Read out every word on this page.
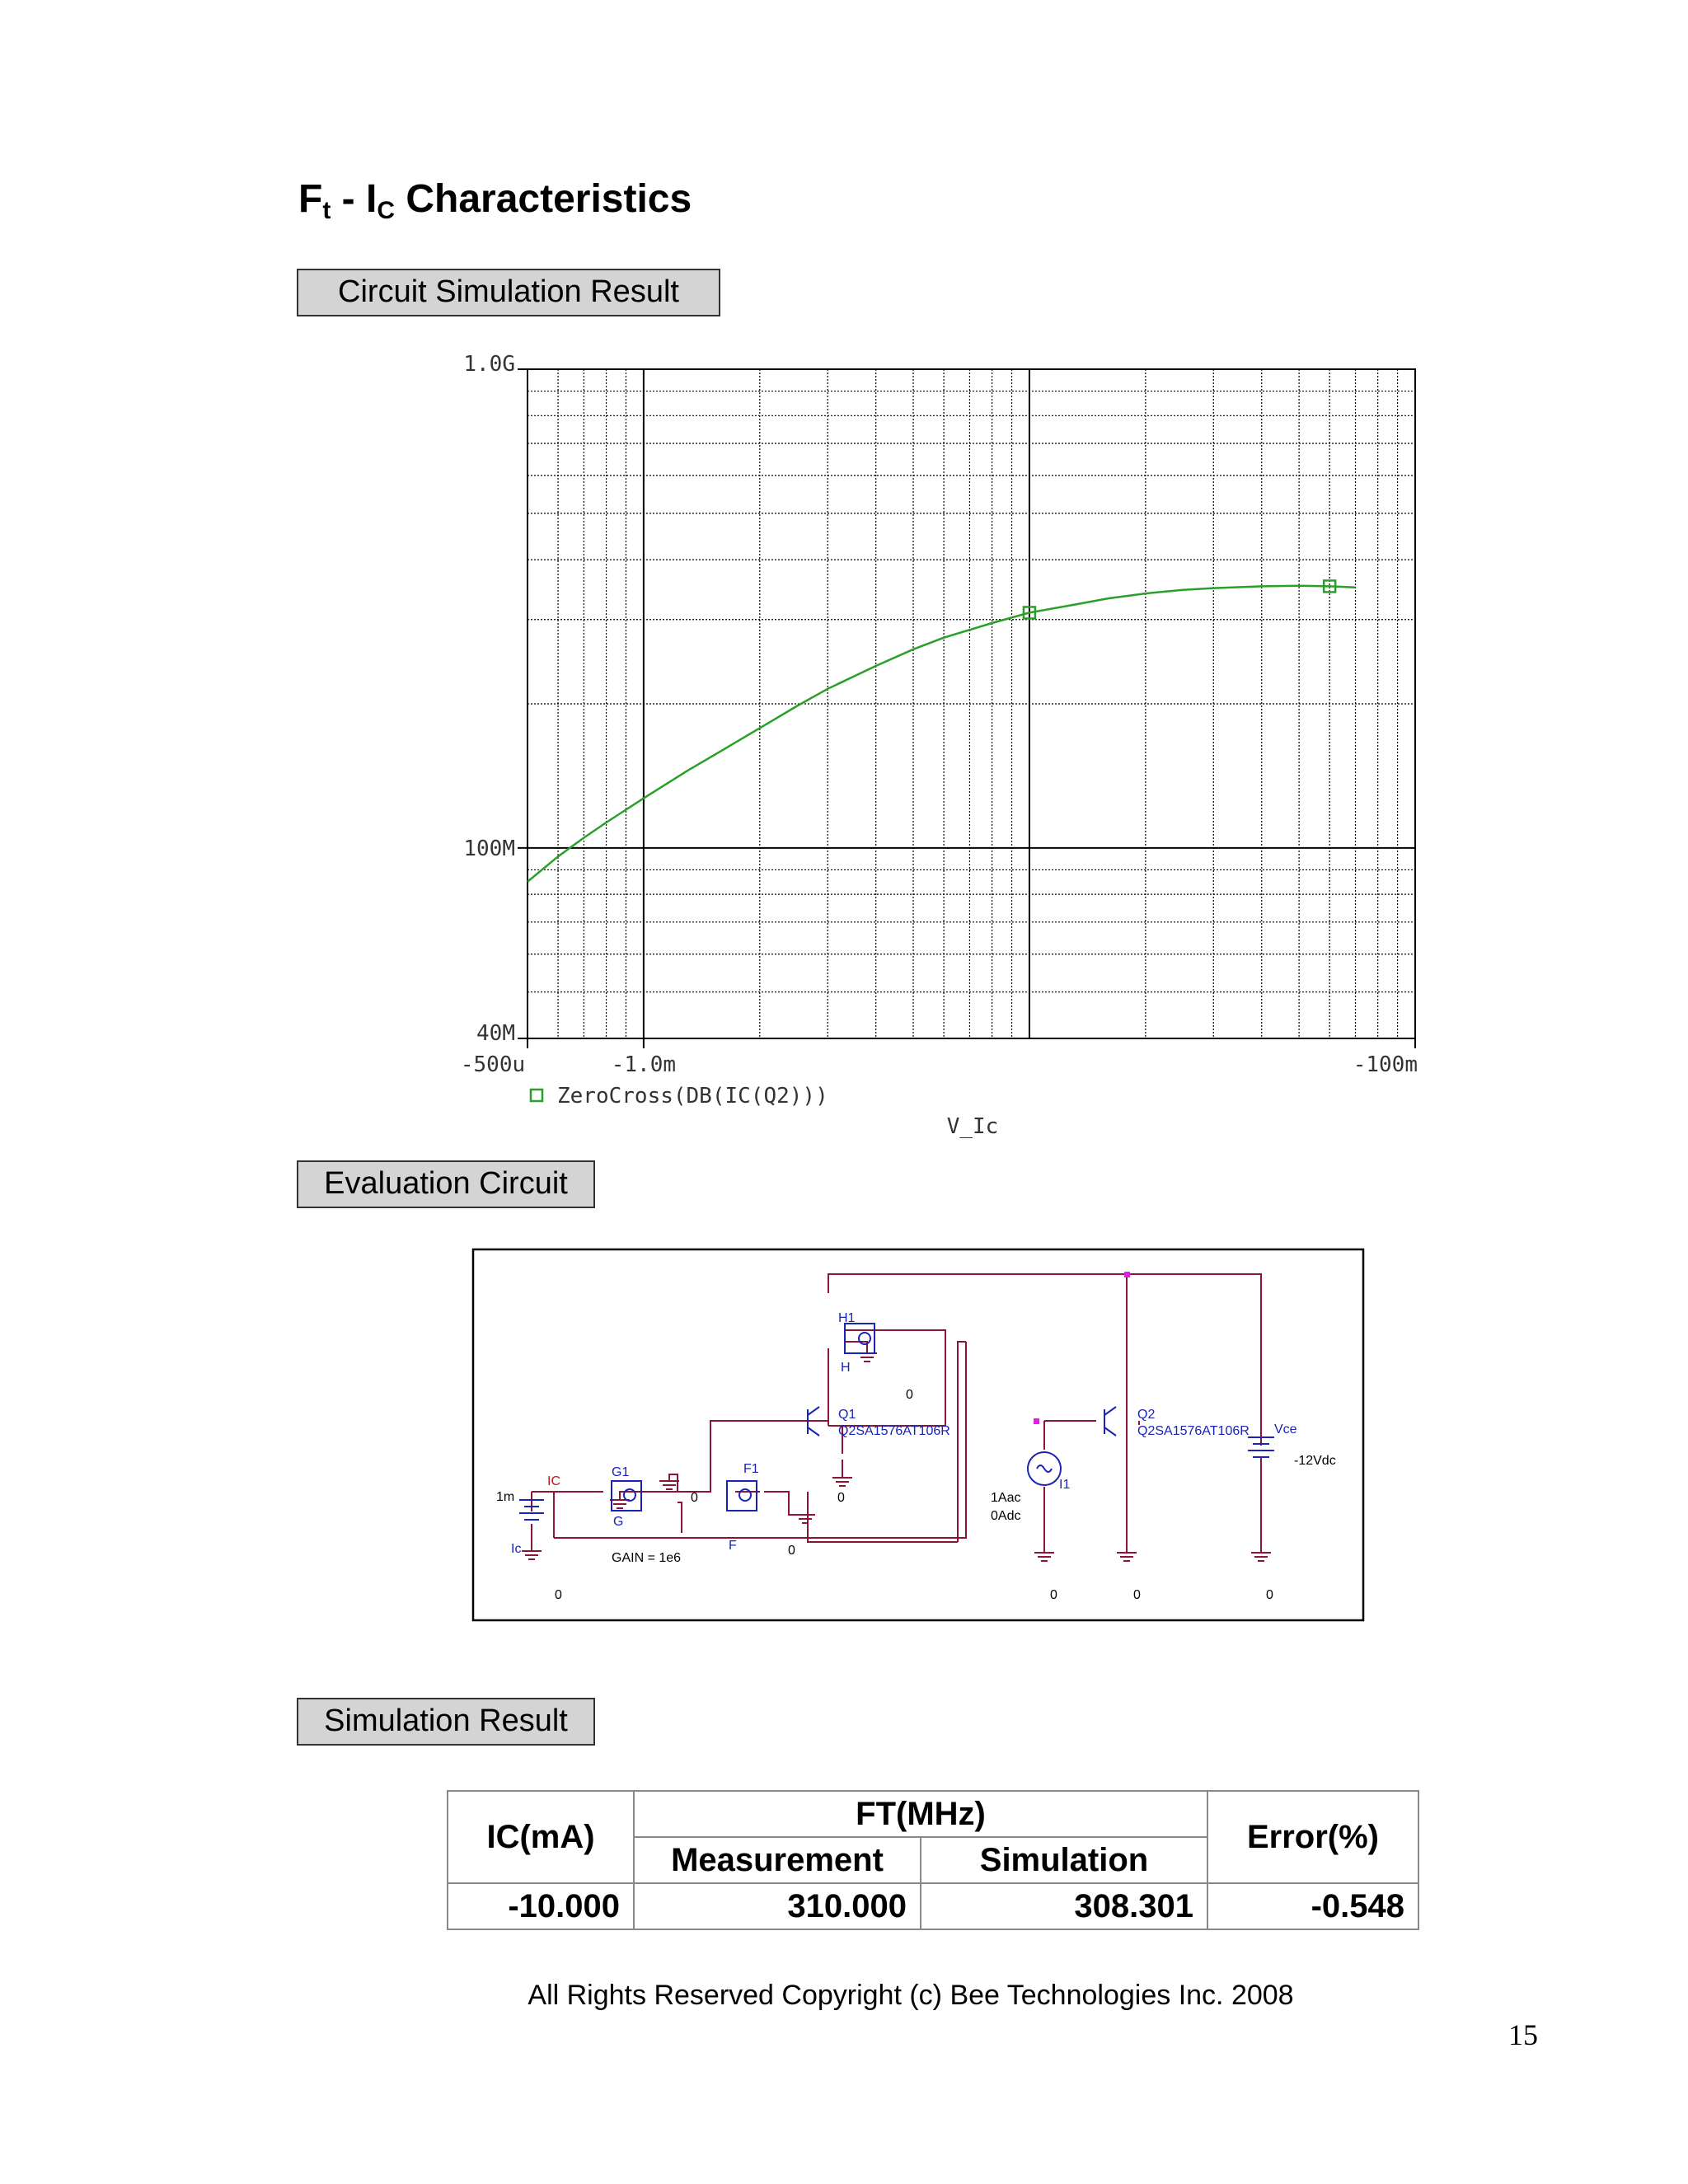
$F_t - I_C$ Characteristics
Circuit Simulation Result
1.0G
100M
40M
-500u	-1.0m	-100m
ZeroCross(DB(IC(Q2)))
V_Ic
Evaluation Circuit
H1
H
Q1
Q2SA1576AT106R
Q2
Q2SA1576AT106R Vce
G1
G
F1
F
Ic
I1
0
0
0
0
0	0	0	0
-12Vdc
1m
GAIN = 1e6
1Aac
0Adc
IC
Simulation Result
IC(mA)	FT(MHz)		Error(%)
	Measurement	Simulation	
-10.000	310.000	308.301	-0.548
All Rights Reserved Copyright (c) Bee Technologies Inc. 2008
15
